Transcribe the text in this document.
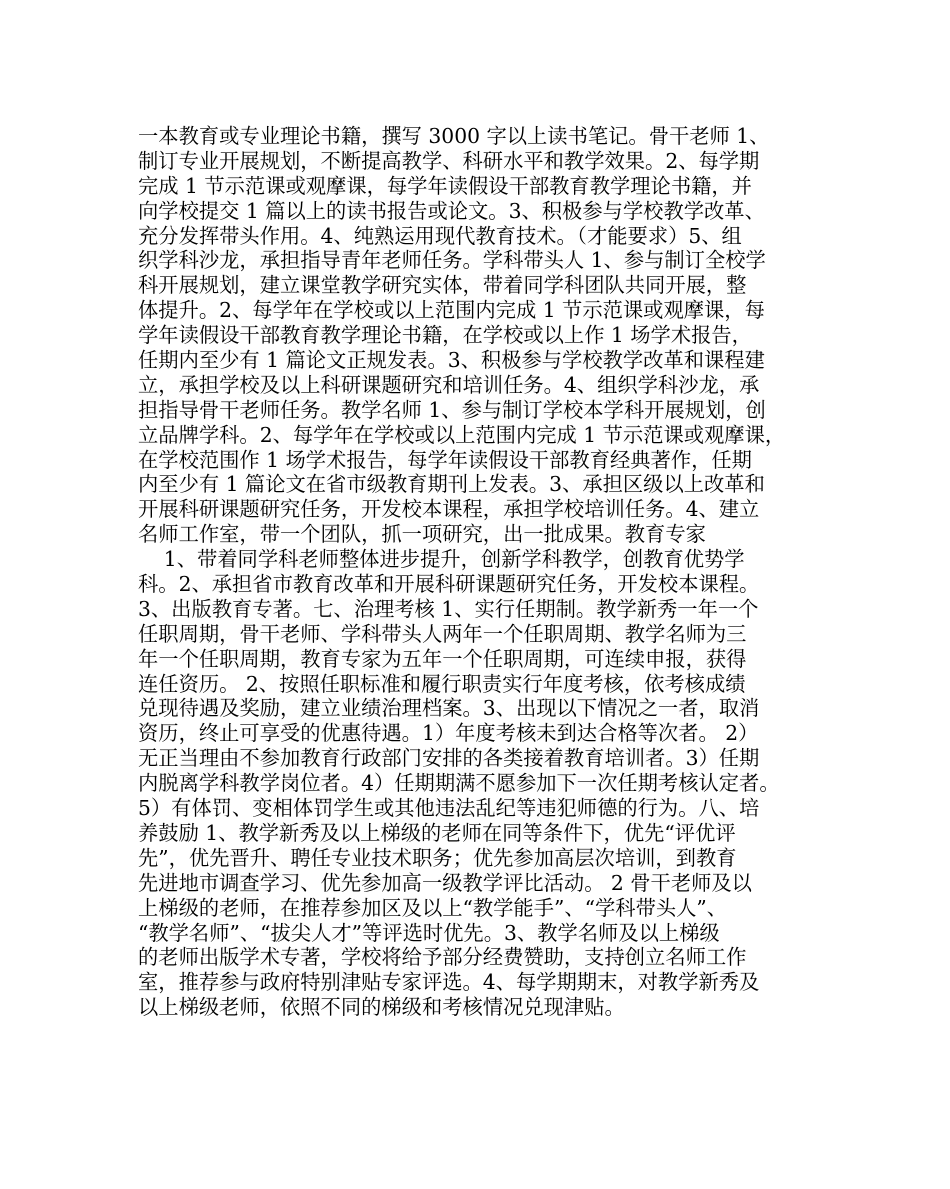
一本教育或专业理论书籍，撰写 3000 字以上读书笔记。骨干老师 1、
制订专业开展规划，不断提高教学、科研水平和教学效果。2、每学期
完成 1 节示范课或观摩课，每学年读假设干部教育教学理论书籍，并
向学校提交 1 篇以上的读书报告或论文。3、积极参与学校教学改革、
充分发挥带头作用。4、纯熟运用现代教育技术。（才能要求）5、组
织学科沙龙，承担指导青年老师任务。学科带头人 1、参与制订全校学
科开展规划，建立课堂教学研究实体，带着同学科团队共同开展，整
体提升。2、每学年在学校或以上范围内完成 1 节示范课或观摩课，每
学年读假设干部教育教学理论书籍，在学校或以上作 1 场学术报告，
任期内至少有 1 篇论文正规发表。3、积极参与学校教学改革和课程建
立，承担学校及以上科研课题研究和培训任务。4、组织学科沙龙，承
担指导骨干老师任务。教学名师 1、参与制订学校本学科开展规划，创
立品牌学科。2、每学年在学校或以上范围内完成 1 节示范课或观摩课，
在学校范围作 1 场学术报告，每学年读假设干部教育经典著作，任期
内至少有 1 篇论文在省市级教育期刊上发表。3、承担区级以上改革和
开展科研课题研究任务，开发校本课程，承担学校培训任务。4、建立
名师工作室，带一个团队，抓一项研究，出一批成果。教育专家
1、带着同学科老师整体进步提升，创新学科教学，创教育优势学
科。2、承担省市教育改革和开展科研课题研究任务，开发校本课程。
3、出版教育专著。七、治理考核 1、实行任期制。教学新秀一年一个
任职周期，骨干老师、学科带头人两年一个任职周期、教学名师为三
年一个任职周期，教育专家为五年一个任职周期，可连续申报，获得
连任资历。 2、按照任职标准和履行职责实行年度考核，依考核成绩
兑现待遇及奖励，建立业绩治理档案。3、出现以下情况之一者，取消
资历，终止可享受的优惠待遇。1）年度考核未到达合格等次者。 2）
无正当理由不参加教育行政部门安排的各类接着教育培训者。3）任期
内脱离学科教学岗位者。4）任期期满不愿参加下一次任期考核认定者。
5）有体罚、变相体罚学生或其他违法乱纪等违犯师德的行为。八、培
养鼓励 1、教学新秀及以上梯级的老师在同等条件下，优先“评优评
先”，优先晋升、聘任专业技术职务；优先参加高层次培训，到教育
先进地市调查学习、优先参加高一级教学评比活动。 2 骨干老师及以
上梯级的老师，在推荐参加区及以上“教学能手”、“学科带头人”、
“教学名师”、“拔尖人才”等评选时优先。3、教学名师及以上梯级
的老师出版学术专著，学校将给予部分经费赞助，支持创立名师工作
室，推荐参与政府特别津贴专家评选。4、每学期期末，对教学新秀及
以上梯级老师，依照不同的梯级和考核情况兑现津贴。
